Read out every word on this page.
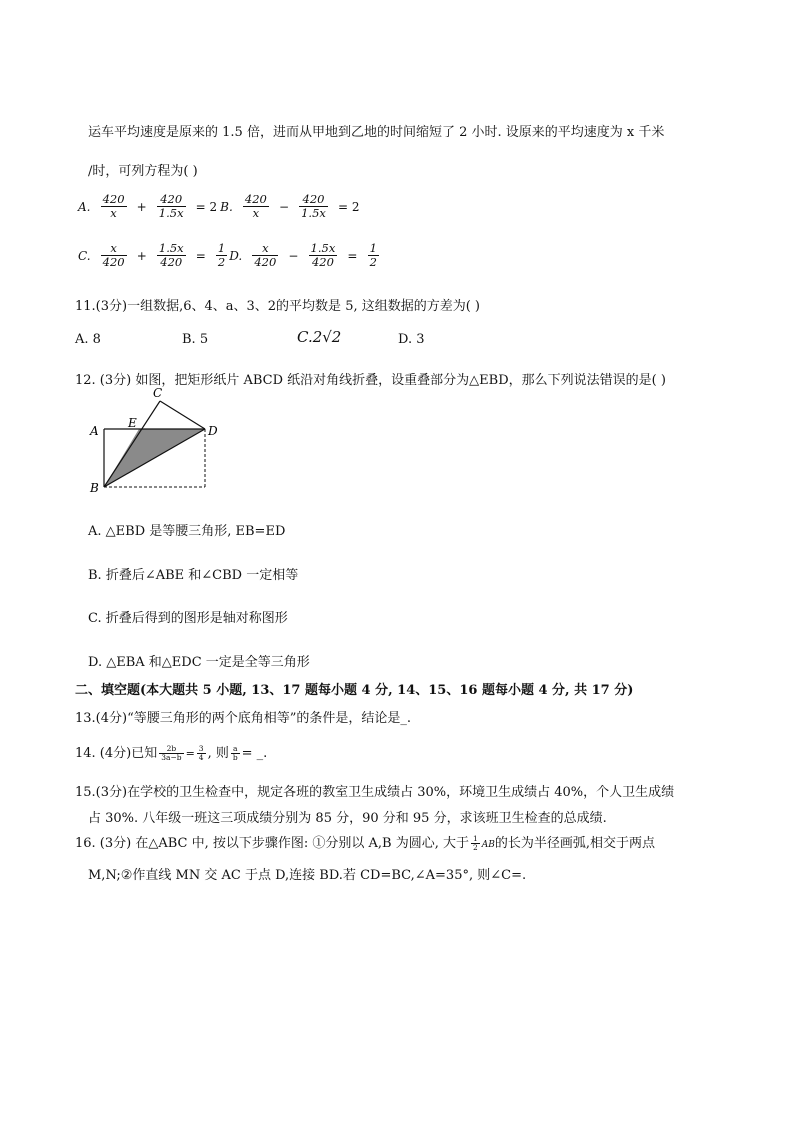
运车平均速度是原来的 1.5 倍，进而从甲地到乙地的时间缩短了 2 小时. 设原来的平均速度为 x 千米
/时，可列方程为( )
A. $\frac{420}{x} + \frac{420}{1.5x} = 2$ B. $\frac{420}{x} - \frac{420}{1.5x} = 2$
C. $\frac{x}{420} + \frac{1.5x}{420} = \frac{1}{2} D$. $\frac{x}{420} - \frac{1.5x}{420} = \frac{1}{2}$
11.(3分)一组数据,6、4、a、3、2的平均数是 5, 这组数据的方差为( )
A. 8	B. 5	C.2√2	D. 3
12. (3分) 如图，把矩形纸片 ABCD 纸沿对角线折叠，设重叠部分为△EBD，那么下列说法错误的是( )
C
A
E
D
B
A. △EBD 是等腰三角形, EB=ED
B. 折叠后∠ABE 和∠CBD 一定相等
C. 折叠后得到的图形是轴对称图形
D. △EBA 和△EDC 一定是全等三角形
二、填空题(本大题共 5 小题, 13、17 题每小题 4 分, 14、15、16 题每小题 4 分, 共 17 分)
13.(4分)“等腰三角形的两个底角相等”的条件是，结论是_.
14. (4分)已知 $\frac{2b}{3a-b} = \frac{3}{4}$ , 则 $\frac{a}{b}$ = _.
15.(3分)在学校的卫生检查中，规定各班的教室卫生成绩占 30%，环境卫生成绩占 40%，个人卫生成绩
占 30%. 八年级一班这三项成绩分别为 85 分，90 分和 95 分，求该班卫生检查的总成绩.
16. (3分) 在△ABC 中, 按以下步骤作图: ①分别以 A,B 为圆心, 大于 $\frac{1}{2}$ AB的长为半径画弧,相交于两点
M,N;②作直线 MN 交 AC 于点 D,连接 BD.若 CD=BC,∠A=35°, 则∠C=.
